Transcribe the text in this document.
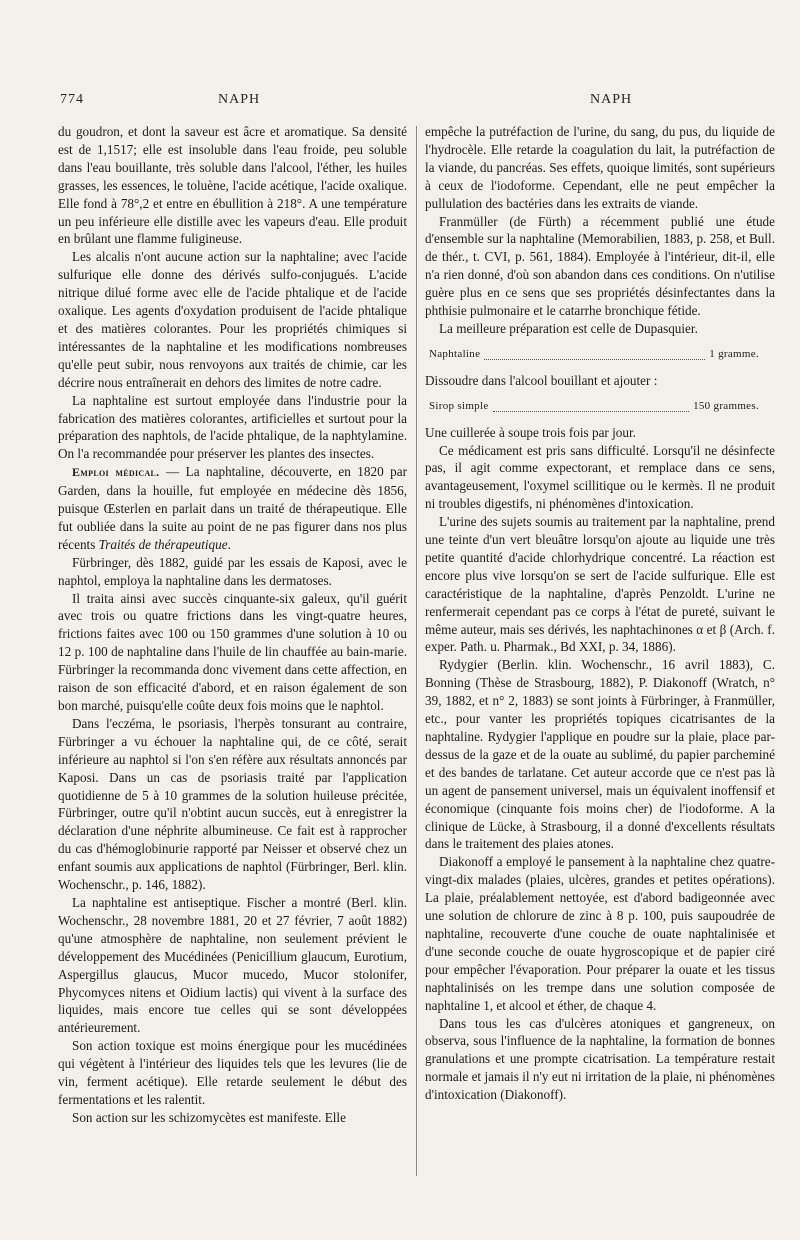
774	NAPH	NAPH

du goudron, et dont la saveur est âcre et aromatique. Sa densité est de 1,1517; elle est insoluble dans l'eau froide, peu soluble dans l'eau bouillante, très soluble dans l'alcool, l'éther, les huiles grasses, les essences, le toluène, l'acide acétique, l'acide oxalique. Elle fond à 78°,2 et entre en ébullition à 218°. A une température un peu inférieure elle distille avec les vapeurs d'eau. Elle produit en brûlant une flamme fuligineuse.

Les alcalis n'ont aucune action sur la naphtaline; avec l'acide sulfurique elle donne des dérivés sulfo-conjugués. L'acide nitrique dilué forme avec elle de l'acide phtalique et de l'acide oxalique. Les agents d'oxydation produisent de l'acide phtalique et des matières colorantes. Pour les propriétés chimiques si intéressantes de la naphtaline et les modifications nombreuses qu'elle peut subir, nous renvoyons aux traités de chimie, car les décrire nous entraînerait en dehors des limites de notre cadre.

La naphtaline est surtout employée dans l'industrie pour la fabrication des matières colorantes, artificielles et surtout pour la préparation des naphtols, de l'acide phtalique, de la naphtylamine. On l'a recommandée pour préserver les plantes des insectes.

Emploi médical. — La naphtaline, découverte, en 1820 par Garden, dans la houille, fut employée en médecine dès 1856, puisque Œsterlen en parlait dans un traité de thérapeutique. Elle fut oubliée dans la suite au point de ne pas figurer dans nos plus récents Traités de thérapeutique.

Fürbringer, dès 1882, guidé par les essais de Kaposi, avec le naphtol, employa la naphtaline dans les dermatoses.

Il traita ainsi avec succès cinquante-six galeux, qu'il guérit avec trois ou quatre frictions dans les vingt-quatre heures, frictions faites avec 100 ou 150 grammes d'une solution à 10 ou 12 p. 100 de naphtaline dans l'huile de lin chauffée au bain-marie. Fürbringer la recommanda donc vivement dans cette affection, en raison de son efficacité d'abord, et en raison également de son bon marché, puisqu'elle coûte deux fois moins que le naphtol.

Dans l'eczéma, le psoriasis, l'herpès tonsurant au contraire, Fürbringer a vu échouer la naphtaline qui, de ce côté, serait inférieure au naphtol si l'on s'en réfère aux résultats annoncés par Kaposi. Dans un cas de psoriasis traité par l'application quotidienne de 5 à 10 grammes de la solution huileuse précitée, Fürbringer, outre qu'il n'obtint aucun succès, eut à enregistrer la déclaration d'une néphrite albumineuse. Ce fait est à rapprocher du cas d'hémoglobinurie rapporté par Neisser et observé chez un enfant soumis aux applications de naphtol (Fürbringer, Berl. klin. Wochenschr., p. 146, 1882).

La naphtaline est antiseptique. Fischer a montré (Berl. klin. Wochenschr., 28 novembre 1881, 20 et 27 février, 7 août 1882) qu'une atmosphère de naphtaline, non seulement prévient le développement des Mucédinées (Penicillium glaucum, Eurotium, Aspergillus glaucus, Mucor mucedo, Mucor stolonifer, Phycomyces nitens et Oidium lactis) qui vivent à la surface des liquides, mais encore tue celles qui se sont développées antérieurement.

Son action toxique est moins énergique pour les mucédinées qui végètent à l'intérieur des liquides tels que les levures (lie de vin, ferment acétique). Elle retarde seulement le début des fermentations et les ralentit.

Son action sur les schizomycètes est manifeste. Elle

empêche la putréfaction de l'urine, du sang, du pus, du liquide de l'hydrocèle. Elle retarde la coagulation du lait, la putréfaction de la viande, du pancréas. Ses effets, quoique limités, sont supérieurs à ceux de l'iodoforme. Cependant, elle ne peut empêcher la pullulation des bactéries dans les extraits de viande.

Franmüller (de Fürth) a récemment publié une étude d'ensemble sur la naphtaline (Memorabilien, 1883, p. 258, et Bull. de thér., t. CVI, p. 561, 1884). Employée à l'intérieur, dit-il, elle n'a rien donné, d'où son abandon dans ces conditions. On n'utilise guère plus en ce sens que ses propriétés désinfectantes dans la phthisie pulmonaire et le catarrhe bronchique fétide.

La meilleure préparation est celle de Dupasquier.

Naphtaline	1 gramme.

Dissoudre dans l'alcool bouillant et ajouter :

Sirop simple	150 grammes.

Une cuillerée à soupe trois fois par jour.

Ce médicament est pris sans difficulté. Lorsqu'il ne désinfecte pas, il agit comme expectorant, et remplace dans ce sens, avantageusement, l'oxymel scillitique ou le kermès. Il ne produit ni troubles digestifs, ni phénomènes d'intoxication.

L'urine des sujets soumis au traitement par la naphtaline, prend une teinte d'un vert bleuâtre lorsqu'on ajoute au liquide une très petite quantité d'acide chlorhydrique concentré. La réaction est encore plus vive lorsqu'on se sert de l'acide sulfurique. Elle est caractéristique de la naphtaline, d'après Penzoldt. L'urine ne renfermerait cependant pas ce corps à l'état de pureté, suivant le même auteur, mais ses dérivés, les naphtachinones α et β (Arch. f. exper. Path. u. Pharmak., Bd XXI, p. 34, 1886).

Rydygier (Berlin. klin. Wochenschr., 16 avril 1883), C. Bonning (Thèse de Strasbourg, 1882), P. Diakonoff (Wratch, n° 39, 1882, et n° 2, 1883) se sont joints à Fürbringer, à Franmüller, etc., pour vanter les propriétés topiques cicatrisantes de la naphtaline. Rydygier l'applique en poudre sur la plaie, place par-dessus de la gaze et de la ouate au sublimé, du papier parcheminé et des bandes de tarlatane. Cet auteur accorde que ce n'est pas là un agent de pansement universel, mais un équivalent inoffensif et économique (cinquante fois moins cher) de l'iodoforme. A la clinique de Lücke, à Strasbourg, il a donné d'excellents résultats dans le traitement des plaies atones.

Diakonoff a employé le pansement à la naphtaline chez quatre-vingt-dix malades (plaies, ulcères, grandes et petites opérations). La plaie, préalablement nettoyée, est d'abord badigeonnée avec une solution de chlorure de zinc à 8 p. 100, puis saupoudrée de naphtaline, recouverte d'une couche de ouate naphtalinisée et d'une seconde couche de ouate hygroscopique et de papier ciré pour empêcher l'évaporation. Pour préparer la ouate et les tissus naphtalinisés on les trempe dans une solution composée de naphtaline 1, et alcool et éther, de chaque 4.

Dans tous les cas d'ulcères atoniques et gangreneux, on observa, sous l'influence de la naphtaline, la formation de bonnes granulations et une prompte cicatrisation. La température restait normale et jamais il n'y eut ni irritation de la plaie, ni phénomènes d'intoxication (Diakonoff).
